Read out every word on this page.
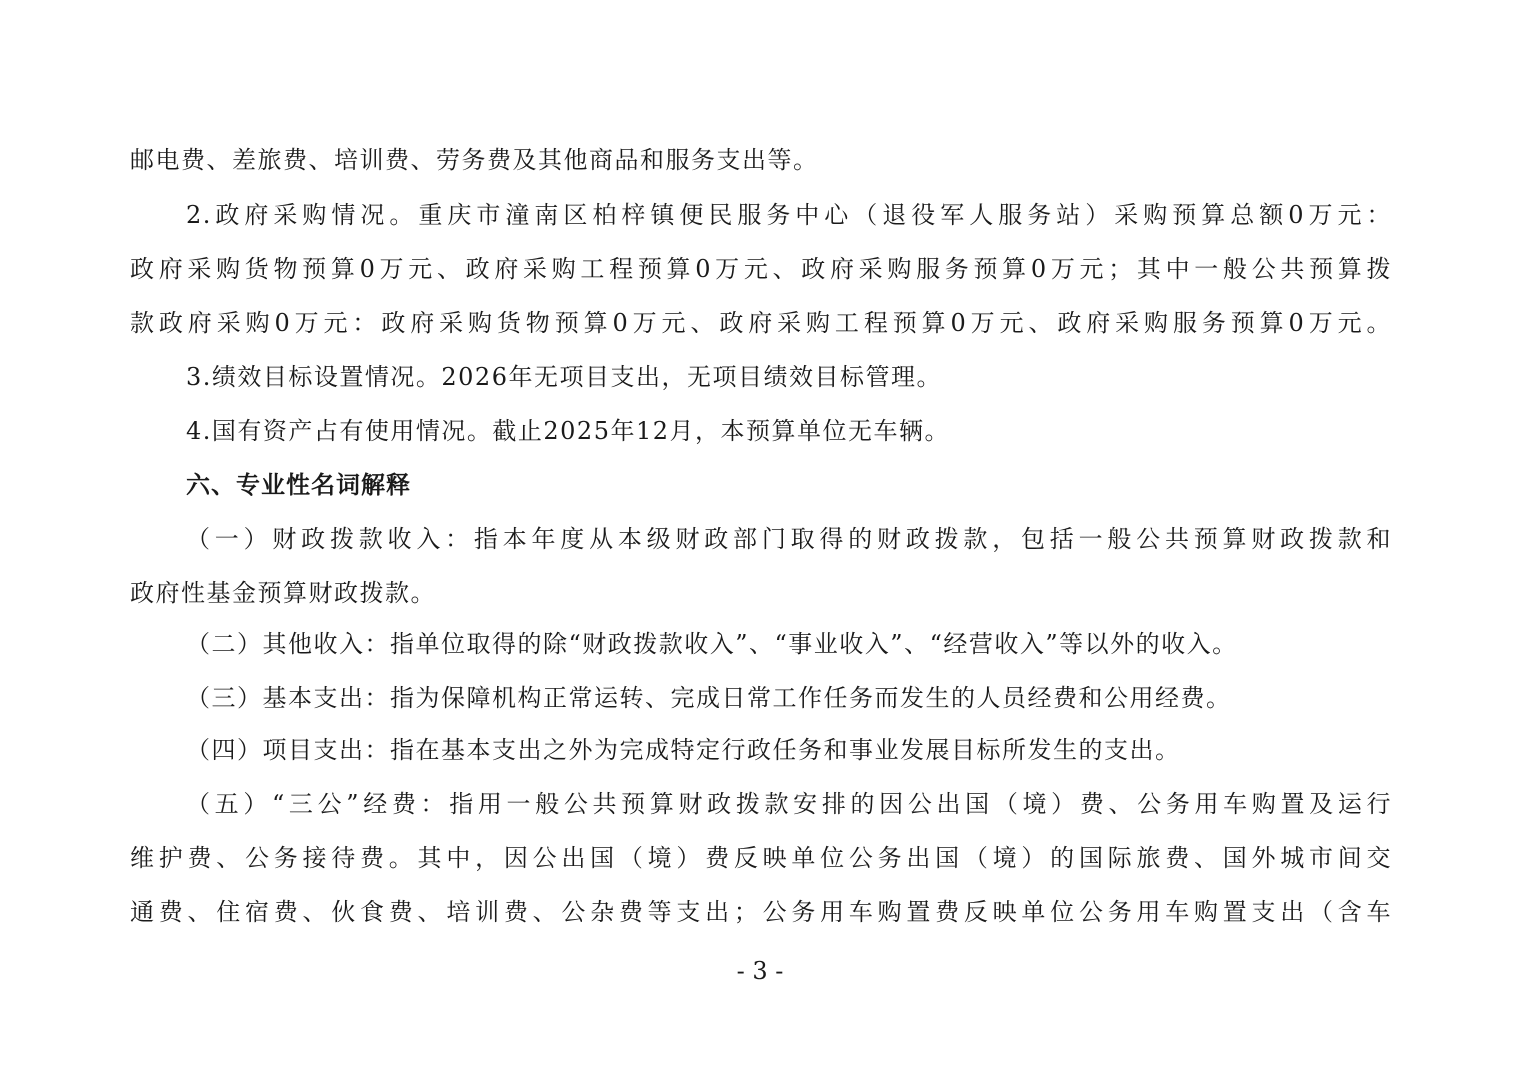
邮电费、差旅费、培训费、劳务费及其他商品和服务支出等。
2.政府采购情况。重庆市潼南区柏梓镇便民服务中心（退役军人服务站）采购预算总额0万元：
政府采购货物预算0万元、政府采购工程预算0万元、政府采购服务预算0万元；其中一般公共预算拨
款政府采购0万元：政府采购货物预算0万元、政府采购工程预算0万元、政府采购服务预算0万元。
3.绩效目标设置情况。2026年无项目支出，无项目绩效目标管理。
4.国有资产占有使用情况。截止2025年12月，本预算单位无车辆。
六、专业性名词解释
（一）财政拨款收入：指本年度从本级财政部门取得的财政拨款，包括一般公共预算财政拨款和
政府性基金预算财政拨款。
（二）其他收入：指单位取得的除“财政拨款收入”、“事业收入”、“经营收入”等以外的收入。
（三）基本支出：指为保障机构正常运转、完成日常工作任务而发生的人员经费和公用经费。
（四）项目支出：指在基本支出之外为完成特定行政任务和事业发展目标所发生的支出。
（五）“三公”经费：指用一般公共预算财政拨款安排的因公出国（境）费、公务用车购置及运行
维护费、公务接待费。其中，因公出国（境）费反映单位公务出国（境）的国际旅费、国外城市间交
通费、住宿费、伙食费、培训费、公杂费等支出；公务用车购置费反映单位公务用车购置支出（含车
- 3 -
